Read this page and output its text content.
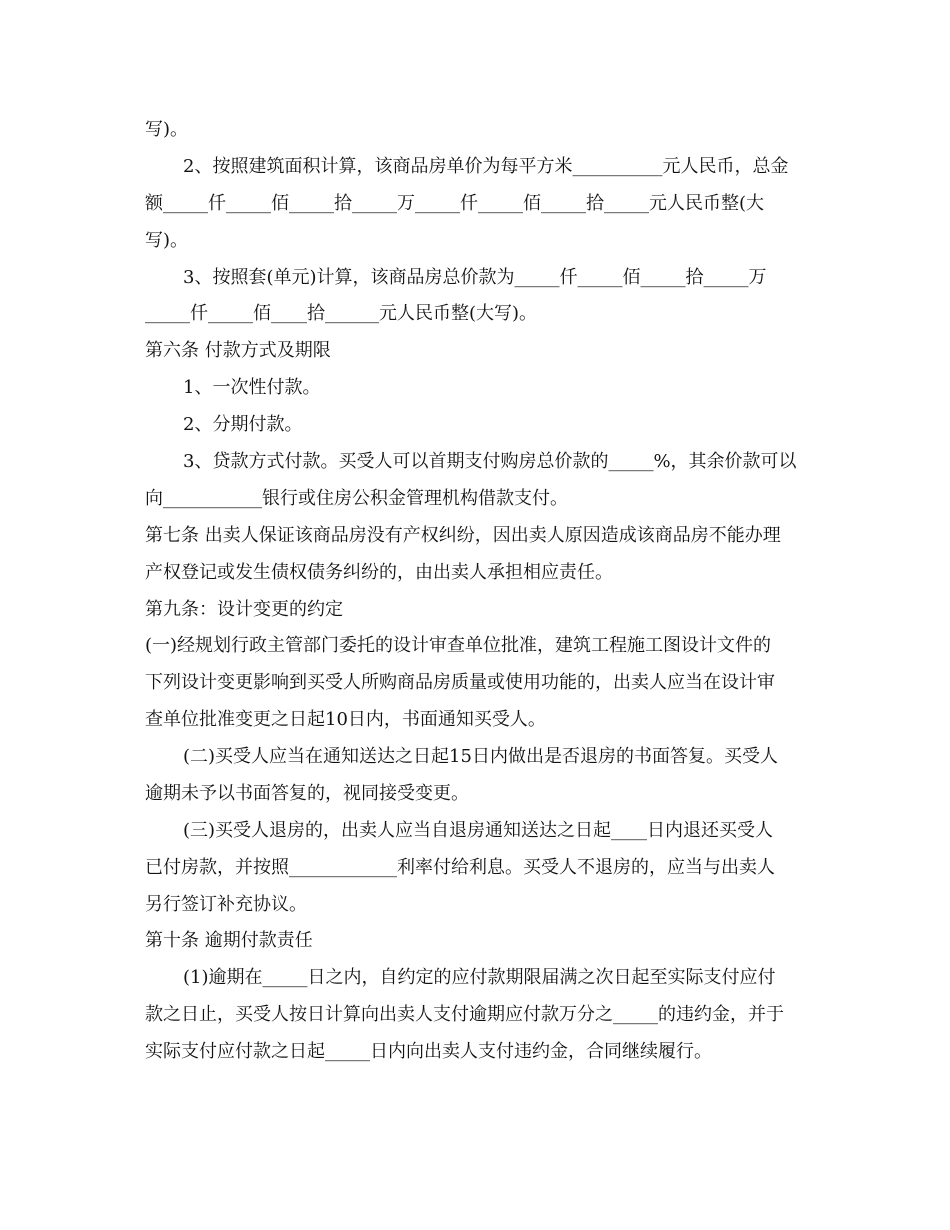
写)。
2、按照建筑面积计算，该商品房单价为每平方米__________元人民币，总金
额_____仟_____佰_____拾_____万_____仟_____佰_____拾_____元人民币整(大
写)。
3、按照套(单元)计算，该商品房总价款为_____仟_____佰_____拾_____万
_____仟_____佰____拾______元人民币整(大写)。
第六条 付款方式及期限
1、一次性付款。
2、分期付款。
3、贷款方式付款。买受人可以首期支付购房总价款的_____%，其余价款可以
向___________银行或住房公积金管理机构借款支付。
第七条 出卖人保证该商品房没有产权纠纷，因出卖人原因造成该商品房不能办理
产权登记或发生债权债务纠纷的，由出卖人承担相应责任。
第九条：设计变更的约定
(一)经规划行政主管部门委托的设计审查单位批准，建筑工程施工图设计文件的
下列设计变更影响到买受人所购商品房质量或使用功能的，出卖人应当在设计审
查单位批准变更之日起10日内，书面通知买受人。
(二)买受人应当在通知送达之日起15日内做出是否退房的书面答复。买受人
逾期未予以书面答复的，视同接受变更。
(三)买受人退房的，出卖人应当自退房通知送达之日起____日内退还买受人
已付房款，并按照____________利率付给利息。买受人不退房的，应当与出卖人
另行签订补充协议。
第十条 逾期付款责任
(1)逾期在_____日之内，自约定的应付款期限届满之次日起至实际支付应付
款之日止，买受人按日计算向出卖人支付逾期应付款万分之_____的违约金，并于
实际支付应付款之日起_____日内向出卖人支付违约金，合同继续履行。
